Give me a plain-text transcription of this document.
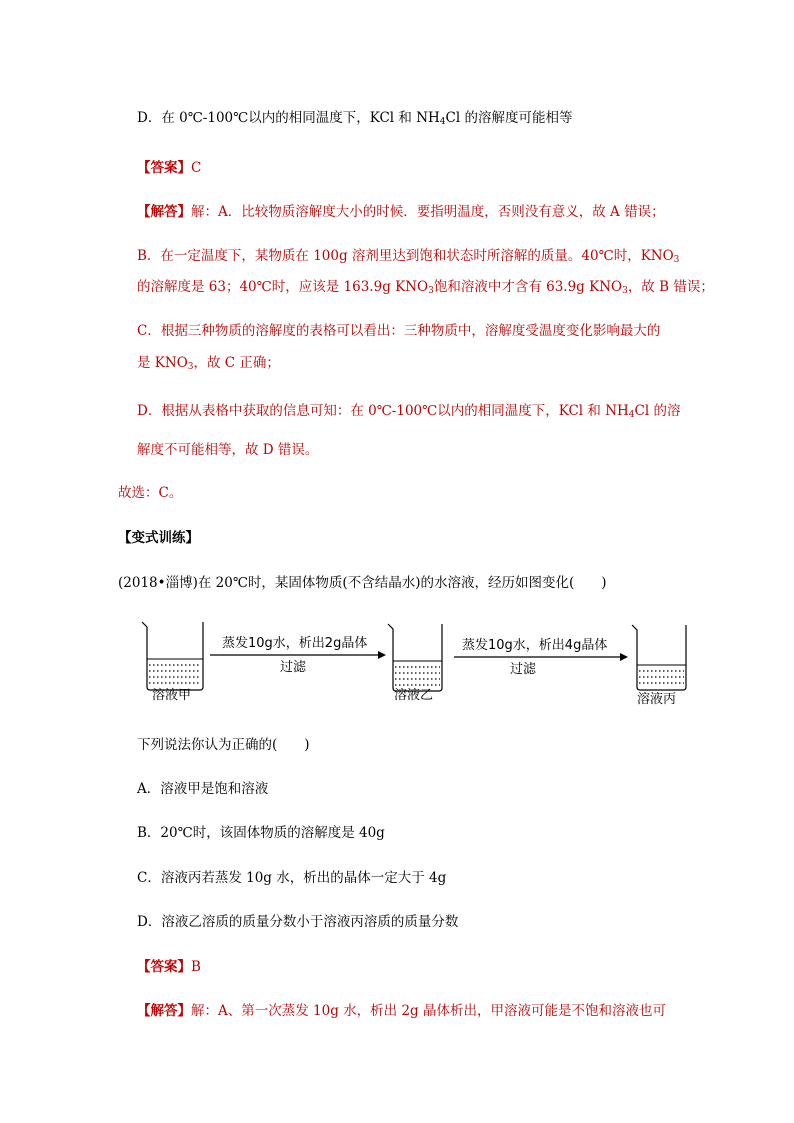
D．在 0℃-100℃以内的相同温度下，KCl 和 $NH_4Cl$ 的溶解度可能相等
【答案】C
【解答】解：A．比较物质溶解度大小的时候．要指明温度，否则没有意义，故 A 错误；
B．在一定温度下，某物质在 100g 溶剂里达到饱和状态时所溶解的质量。40℃时，$KNO_3$
的溶解度是 63；40℃时，应该是 163.9g $KNO_3$饱和溶液中才含有 63.9g $KNO_3$，故 B 错误；
C．根据三种物质的溶解度的表格可以看出：三种物质中，溶解度受温度变化影响最大的
是 $KNO_3$，故 C 正确；
D．根据从表格中获取的信息可知：在 0℃-100℃以内的相同温度下，KCl 和 $NH_4Cl$ 的溶
解度不可能相等，故 D 错误。
故选：C。
【变式训练】
(2018•淄博)在 20℃时，某固体物质(不含结晶水)的水溶液，经历如图变化(　　)
蒸发10g水，析出2g晶体
过滤
蒸发10g水，析出4g晶体
过滤
溶液甲	溶液乙	溶液丙
下列说法你认为正确的(　　)
A．溶液甲是饱和溶液
B．20℃时，该固体物质的溶解度是 40g
C．溶液丙若蒸发 10g 水，析出的晶体一定大于 4g
D．溶液乙溶质的质量分数小于溶液丙溶质的质量分数
【答案】B
【解答】解：A、第一次蒸发 10g 水，析出 2g 晶体析出，甲溶液可能是不饱和溶液也可
